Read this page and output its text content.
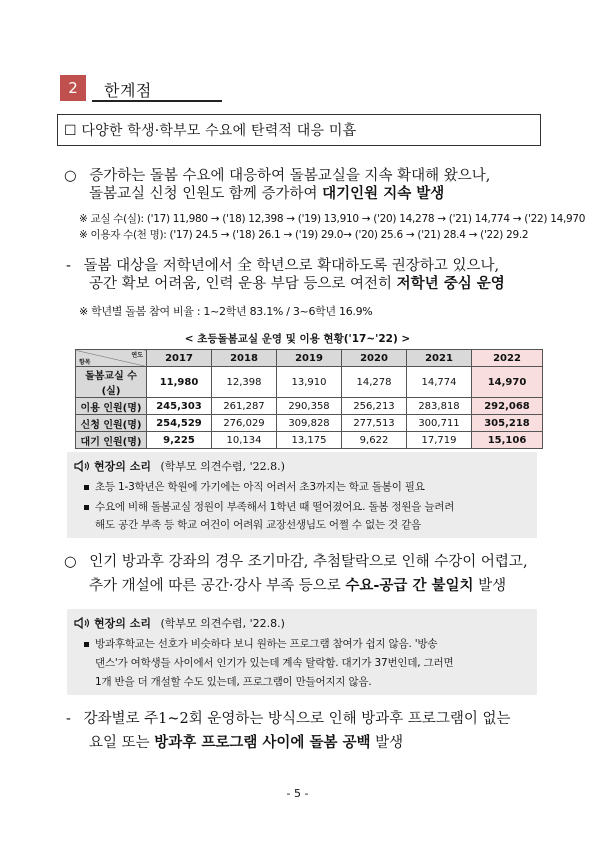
2	한계점
☐ 다양한 학생·학부모 수요에 탄력적 대응 미흡
○ 증가하는 돌봄 수요에 대응하여 돌봄교실을 지속 확대해 왔으나,
돌봄교실 신청 인원도 함께 증가하여 대기인원 지속 발생
※ 교실 수(실): ('17) 11,980 → ('18) 12,398 → ('19) 13,910 → ('20) 14,278 → ('21) 14,774 → ('22) 14,970
※ 이용자 수(천 명): ('17) 24.5 → ('18) 26.1 → ('19) 29.0→ ('20) 25.6 → ('21) 28.4 → ('22) 29.2
- 돌봄 대상을 저학년에서 全 학년으로 확대하도록 권장하고 있으나,
공간 확보 어려움, 인력 운용 부담 등으로 여전히 저학년 중심 운영
※ 학년별 돌봄 참여 비율 : 1~2학년 83.1% / 3~6학년 16.9%
< 초등돌봄교실 운영 및 이용 현황('17~'22) >
항목
연도	2017	2018	2019	2020	2021	2022
돌봄교실 수(실)	11,980	12,398	13,910	14,278	14,774	14,970
이용 인원(명)	245,303	261,287	290,358	256,213	283,818	292,068
신청 인원(명)	254,529	276,029	309,828	277,513	300,711	305,218
대기 인원(명)	9,225	10,134	13,175	9,622	17,719	15,106
현장의 소리 (학부모 의견수렴, '22.8.)
초등 1-3학년은 학원에 가기에는 아직 어려서 초3까지는 학교 돌봄이 필요
수요에 비해 돌봄교실 정원이 부족해서 1학년 때 떨어졌어요. 돌봄 정원을 늘려려
해도 공간 부족 등 학교 여건이 어려워 교장선생님도 어쩔 수 없는 것 같음
○ 인기 방과후 강좌의 경우 조기마감, 추첨탈락으로 인해 수강이 어렵고,
추가 개설에 따른 공간·강사 부족 등으로 수요-공급 간 불일치 발생
현장의 소리 (학부모 의견수렴, '22.8.)
방과후학교는 선호가 비슷하다 보니 원하는 프로그램 참여가 쉽지 않음. '방송
댄스'가 여학생들 사이에서 인기가 있는데 계속 탈락함. 대기가 37번인데, 그러면
1개 반을 더 개설할 수도 있는데, 프로그램이 만들어지지 않음.
- 강좌별로 주1~2회 운영하는 방식으로 인해 방과후 프로그램이 없는
요일 또는 방과후 프로그램 사이에 돌봄 공백 발생
- 5 -
